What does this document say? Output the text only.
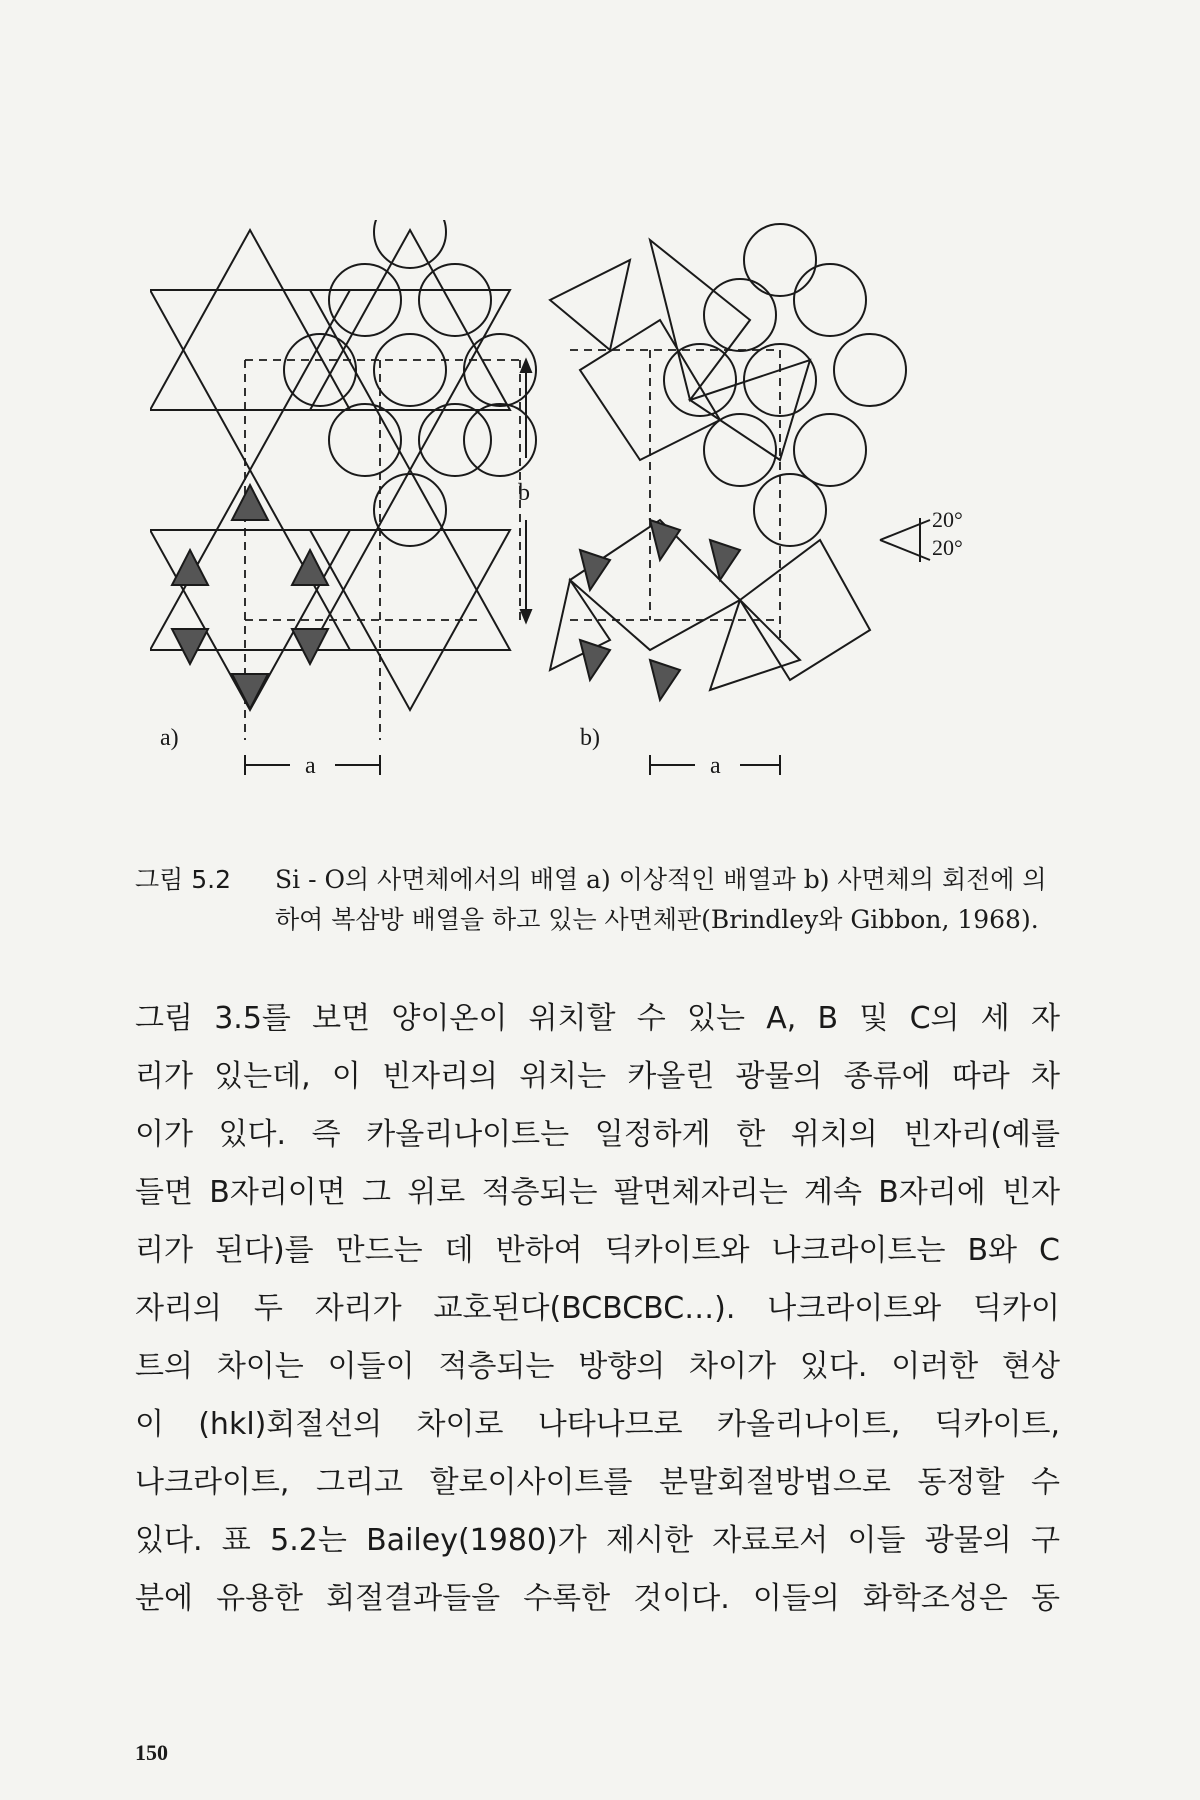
a)	b)
a	a
b
20°
20°
그림 5.2	Si - O의 사면체에서의 배열 a) 이상적인 배열과 b) 사면체의 회전에 의하여 복삼방 배열을 하고 있는 사면체판(Brindley와 Gibbon, 1968).
그림 3.5를 보면 양이온이 위치할 수 있는 A, B 및 C의 세 자
리가 있는데, 이 빈자리의 위치는 카올린 광물의 종류에 따라 차
이가 있다. 즉 카올리나이트는 일정하게 한 위치의 빈자리(예를
들면 B자리이면 그 위로 적층되는 팔면체자리는 계속 B자리에 빈자
리가 된다)를 만드는 데 반하여 딕카이트와 나크라이트는 B와 C
자리의 두 자리가 교호된다(BCBCBC…). 나크라이트와 딕카이
트의 차이는 이들이 적층되는 방향의 차이가 있다. 이러한 현상
이 (hkl)회절선의 차이로 나타나므로 카올리나이트, 딕카이트,
나크라이트, 그리고 할로이사이트를 분말회절방법으로 동정할 수
있다. 표 5.2는 Bailey(1980)가 제시한 자료로서 이들 광물의 구
분에 유용한 회절결과들을 수록한 것이다. 이들의 화학조성은 동
150
